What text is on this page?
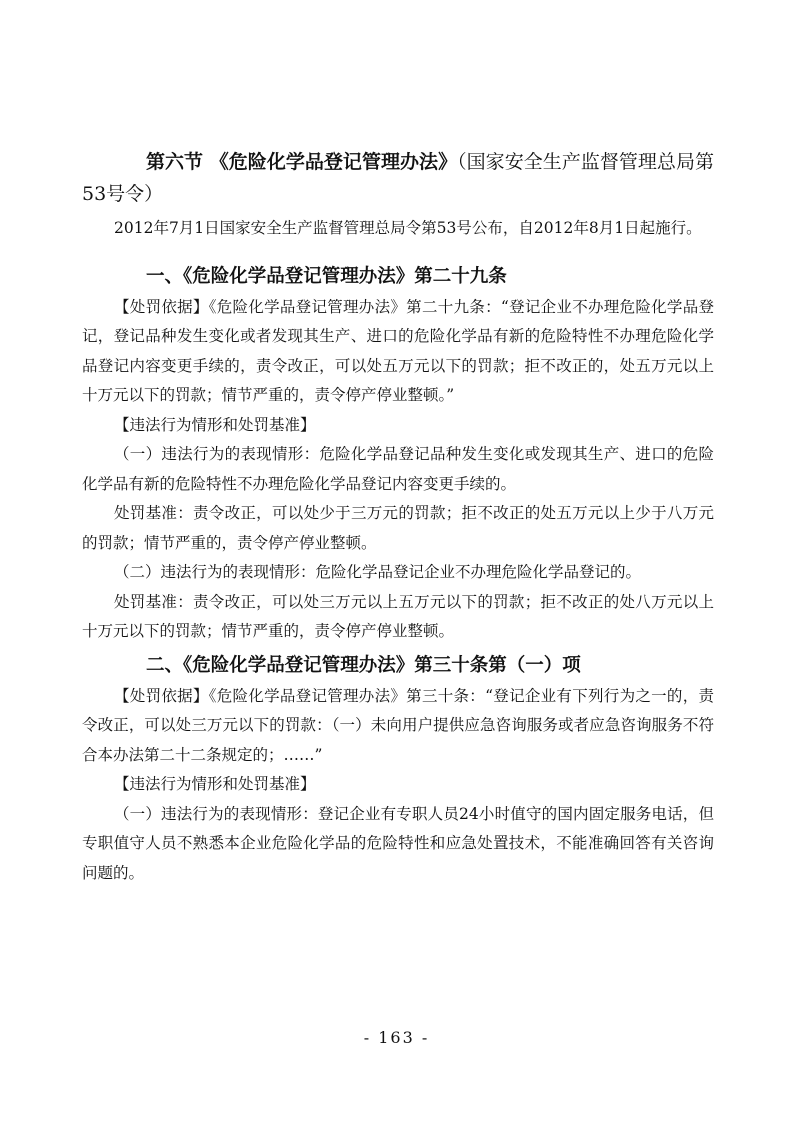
第六节 《危险化学品登记管理办法》（国家安全生产监督管理总局第53号令）

2012年7月1日国家安全生产监督管理总局令第53号公布，自2012年8月1日起施行。

一、《危险化学品登记管理办法》第二十九条

【处罚依据】《危险化学品登记管理办法》第二十九条：“登记企业不办理危险化学品登记，登记品种发生变化或者发现其生产、进口的危险化学品有新的危险特性不办理危险化学品登记内容变更手续的，责令改正，可以处五万元以下的罚款；拒不改正的，处五万元以上十万元以下的罚款；情节严重的，责令停产停业整顿。”

【违法行为情形和处罚基准】

（一）违法行为的表现情形：危险化学品登记品种发生变化或发现其生产、进口的危险化学品有新的危险特性不办理危险化学品登记内容变更手续的。

处罚基准：责令改正，可以处少于三万元的罚款；拒不改正的处五万元以上少于八万元的罚款；情节严重的，责令停产停业整顿。

（二）违法行为的表现情形：危险化学品登记企业不办理危险化学品登记的。

处罚基准：责令改正，可以处三万元以上五万元以下的罚款；拒不改正的处八万元以上十万元以下的罚款；情节严重的，责令停产停业整顿。

二、《危险化学品登记管理办法》第三十条第（一）项

【处罚依据】《危险化学品登记管理办法》第三十条：“登记企业有下列行为之一的，责令改正，可以处三万元以下的罚款：（一）未向用户提供应急咨询服务或者应急咨询服务不符合本办法第二十二条规定的；……”

【违法行为情形和处罚基准】

（一）违法行为的表现情形：登记企业有专职人员24小时值守的国内固定服务电话，但专职值守人员不熟悉本企业危险化学品的危险特性和应急处置技术，不能准确回答有关咨询问题的。

- 163 -
